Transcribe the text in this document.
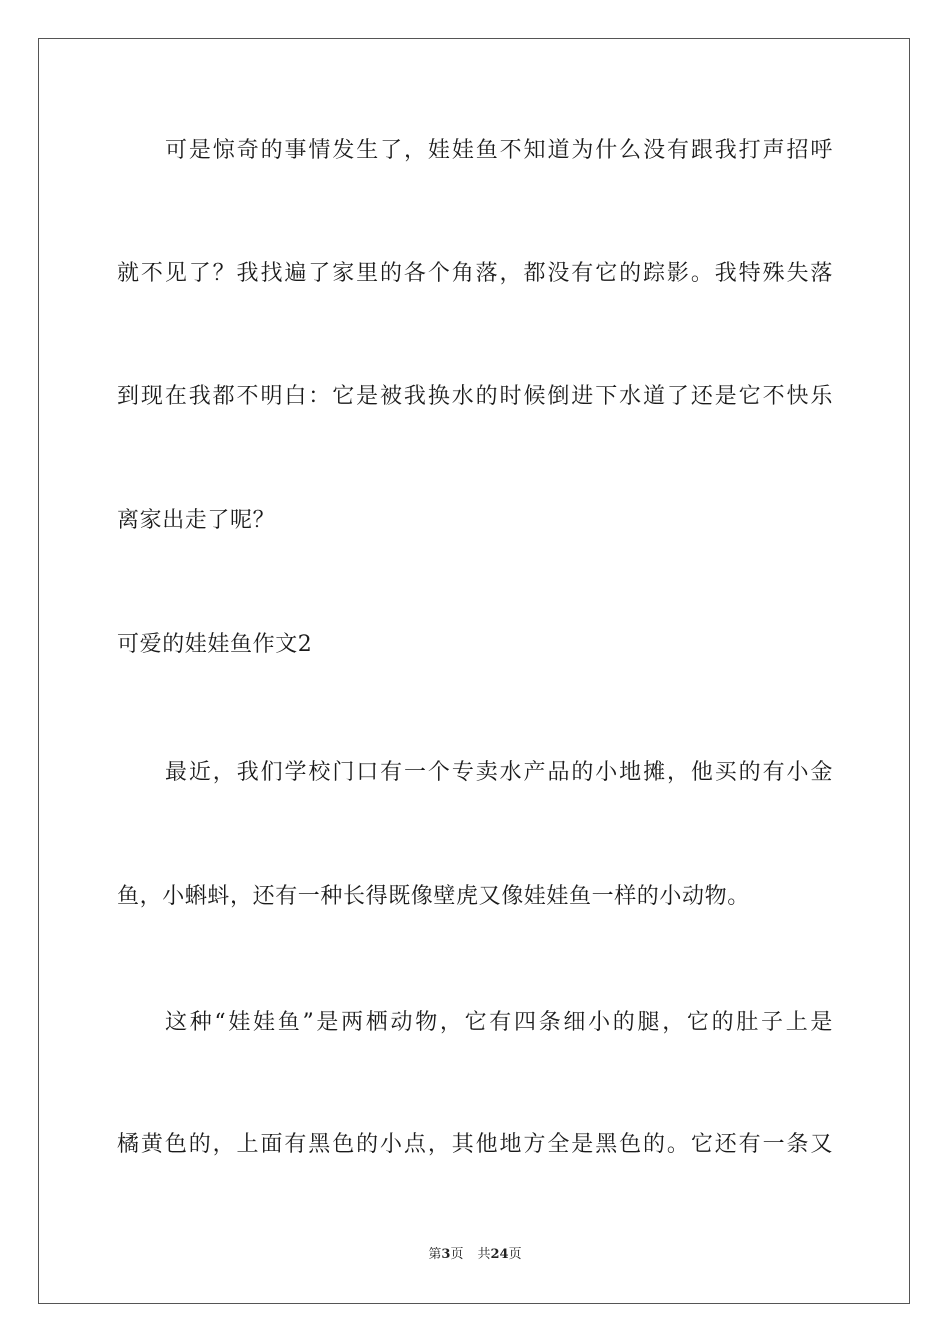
可是惊奇的事情发生了，娃娃鱼不知道为什么没有跟我打声招呼
就不见了？我找遍了家里的各个角落，都没有它的踪影。我特殊失落
到现在我都不明白：它是被我换水的时候倒进下水道了还是它不快乐
离家出走了呢？
可爱的娃娃鱼作文2
最近，我们学校门口有一个专卖水产品的小地摊，他买的有小金
鱼，小蝌蚪，还有一种长得既像壁虎又像娃娃鱼一样的小动物。
这种“娃娃鱼”是两栖动物，它有四条细小的腿，它的肚子上是
橘黄色的，上面有黑色的小点，其他地方全是黑色的。它还有一条又
第3页 共24页
